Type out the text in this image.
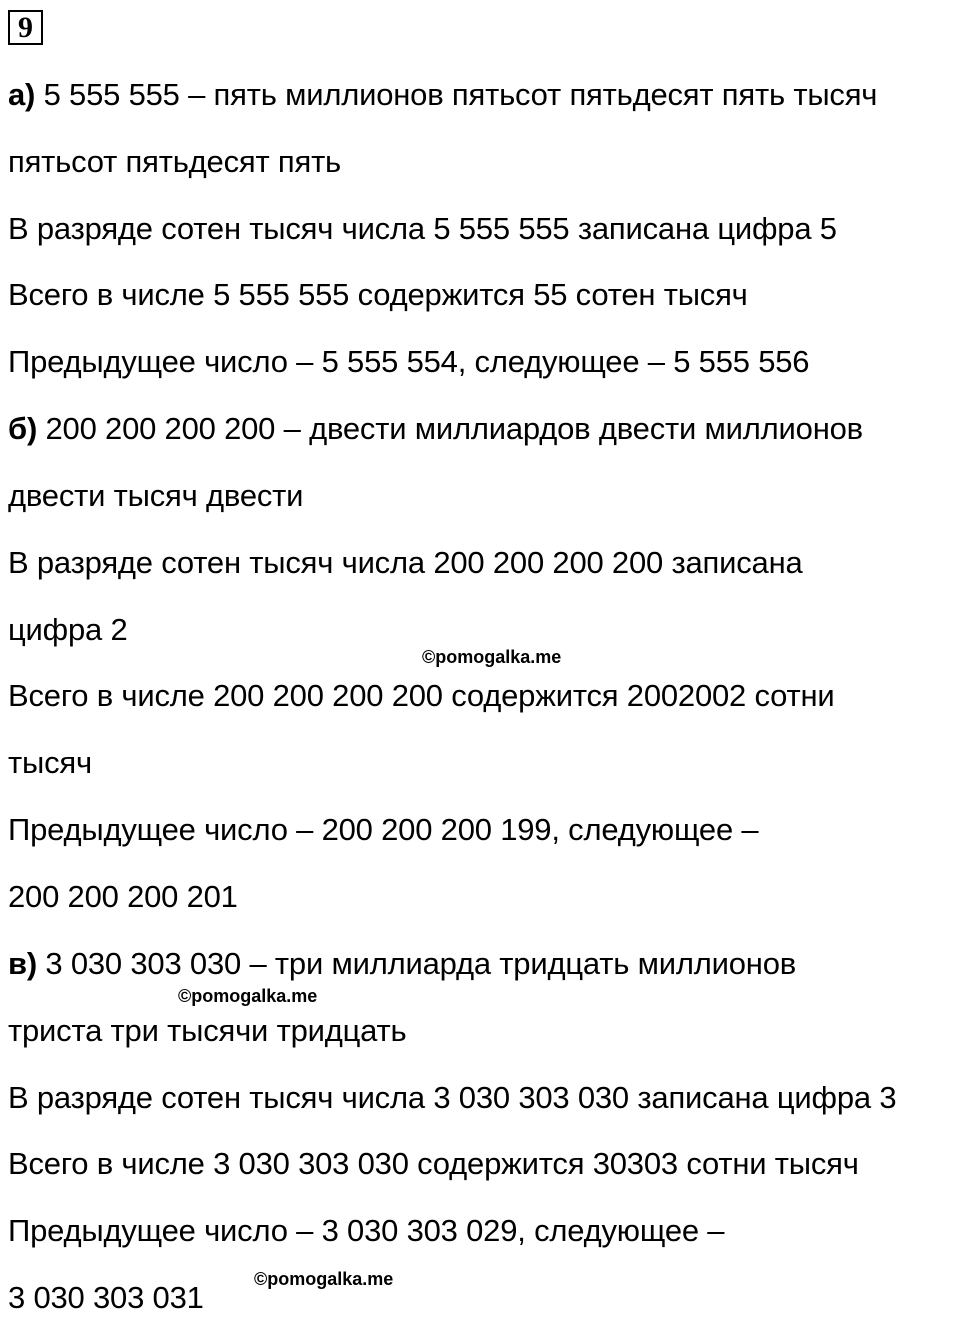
9
а) 5 555 555 – пять миллионов пятьсот пятьдесят пять тысяч
пятьсот пятьдесят пять
В разряде сотен тысяч числа 5 555 555 записана цифра 5
Всего в числе 5 555 555 содержится 55 сотен тысяч
Предыдущее число – 5 555 554, следующее – 5 555 556
б) 200 200 200 200 – двести миллиардов двести миллионов
двести тысяч двести
В разряде сотен тысяч числа 200 200 200 200 записана
цифра 2
Всего в числе 200 200 200 200 содержится 2002002 сотни
тысяч
Предыдущее число – 200 200 200 199, следующее –
200 200 200 201
в) 3 030 303 030 – три миллиарда тридцать миллионов
триста три тысячи тридцать
В разряде сотен тысяч числа 3 030 303 030 записана цифра 3
Всего в числе 3 030 303 030 содержится 30303 сотни тысяч
Предыдущее число – 3 030 303 029, следующее –
3 030 303 031
©pomogalka.me
©pomogalka.me
©pomogalka.me
